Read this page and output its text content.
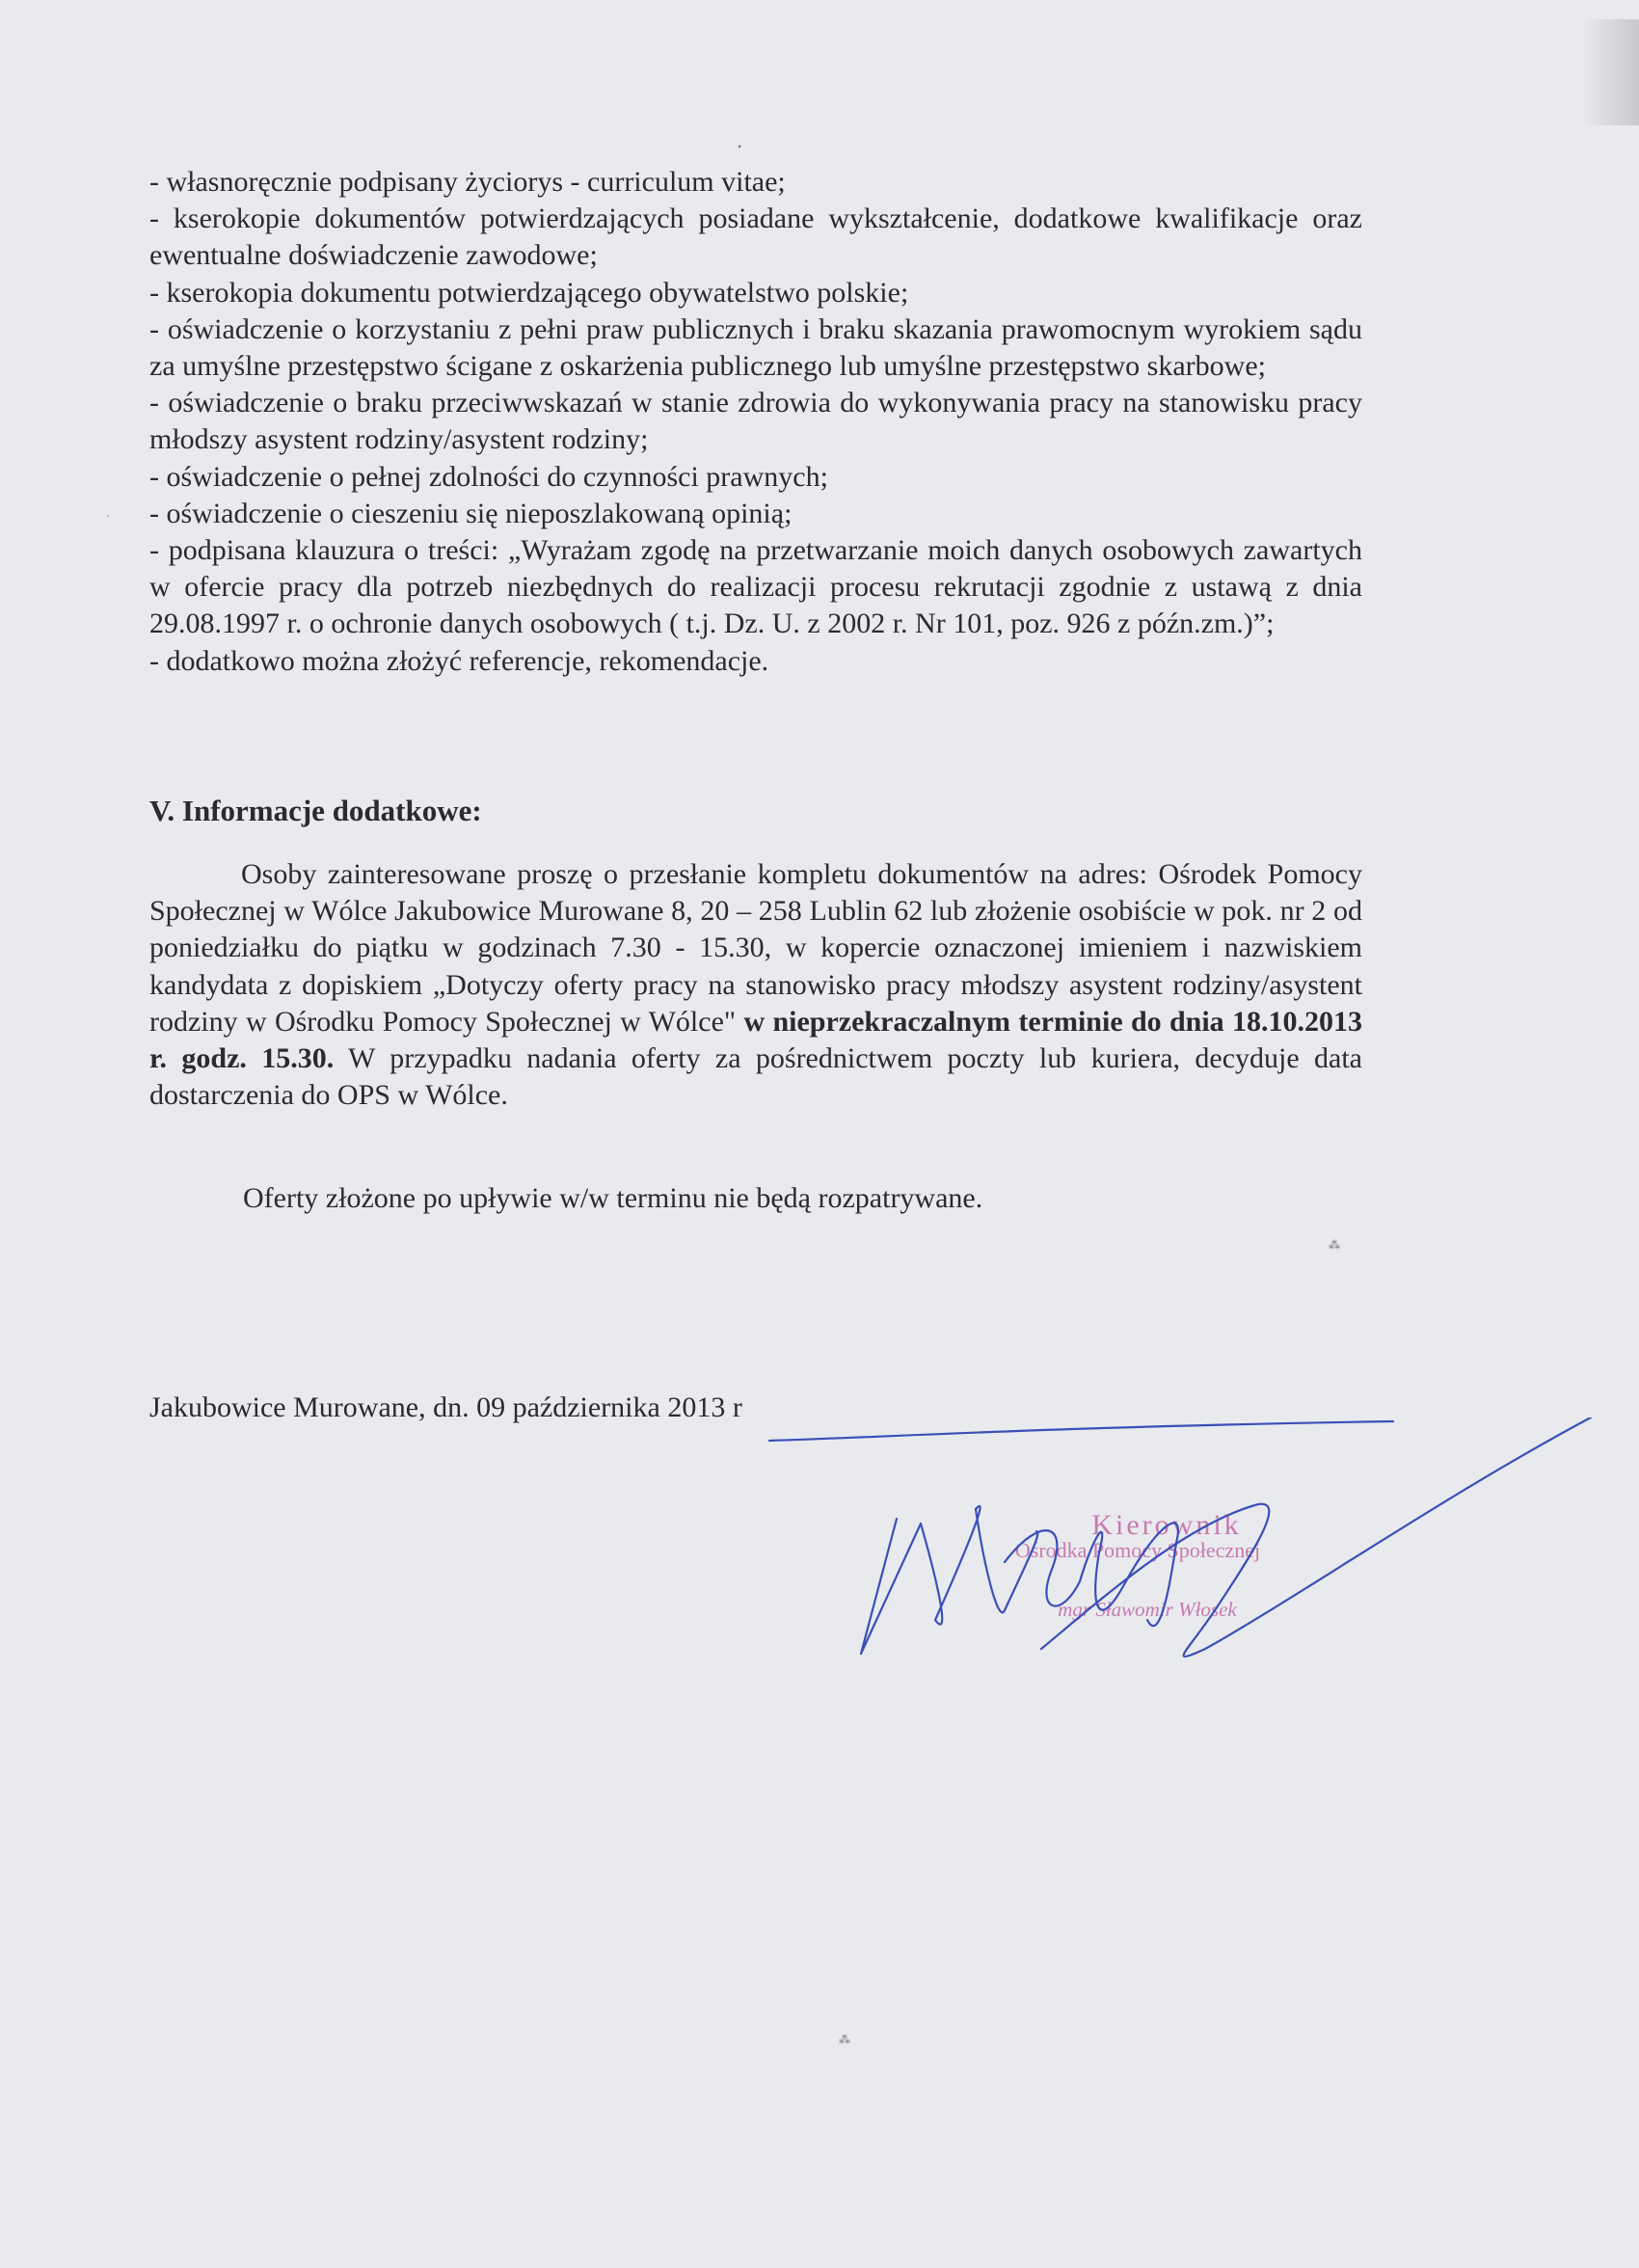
- własnoręcznie podpisany życiorys - curriculum vitae;
- kserokopie dokumentów potwierdzających posiadane wykształcenie, dodatkowe kwalifikacje oraz ewentualne doświadczenie zawodowe;
- kserokopia dokumentu potwierdzającego obywatelstwo polskie;
- oświadczenie o korzystaniu z pełni praw publicznych i braku skazania prawomocnym wyrokiem sądu za umyślne przestępstwo ścigane z oskarżenia publicznego lub umyślne przestępstwo skarbowe;
- oświadczenie o braku przeciwwskazań w stanie zdrowia do wykonywania pracy na stanowisku pracy młodszy asystent rodziny/asystent rodziny;
- oświadczenie o pełnej zdolności do czynności prawnych;
- oświadczenie o cieszeniu się nieposzlakowaną opinią;
- podpisana klauzura o treści: „Wyrażam zgodę na przetwarzanie moich danych osobowych zawartych w ofercie pracy dla potrzeb niezbędnych do realizacji procesu rekrutacji zgodnie z ustawą z dnia 29.08.1997 r. o ochronie danych osobowych ( t.j. Dz. U. z 2002 r. Nr 101, poz. 926 z późn.zm.)”;
- dodatkowo można złożyć referencje, rekomendacje.
V. Informacje dodatkowe:
Osoby zainteresowane proszę o przesłanie kompletu dokumentów na adres: Ośrodek Pomocy Społecznej w Wólce Jakubowice Murowane 8, 20 – 258 Lublin 62 lub złożenie osobiście w pok. nr 2 od poniedziałku do piątku w godzinach 7.30 - 15.30, w kopercie oznaczonej imieniem i nazwiskiem kandydata z dopiskiem „Dotyczy oferty pracy na stanowisko pracy młodszy asystent rodziny/asystent rodziny w Ośrodku Pomocy Społecznej w Wólce" w nieprzekraczalnym terminie do dnia 18.10.2013 r. godz. 15.30. W przypadku nadania oferty za pośrednictwem poczty lub kuriera, decyduje data dostarczenia do OPS w Wólce.
Oferty złożone po upływie w/w terminu nie będą rozpatrywane.
Jakubowice Murowane, dn. 09 października 2013 r
Kierownik
Ośrodka Pomocy Społecznej
mgr Sławomir Włosek
•
⁂
⁂
·
